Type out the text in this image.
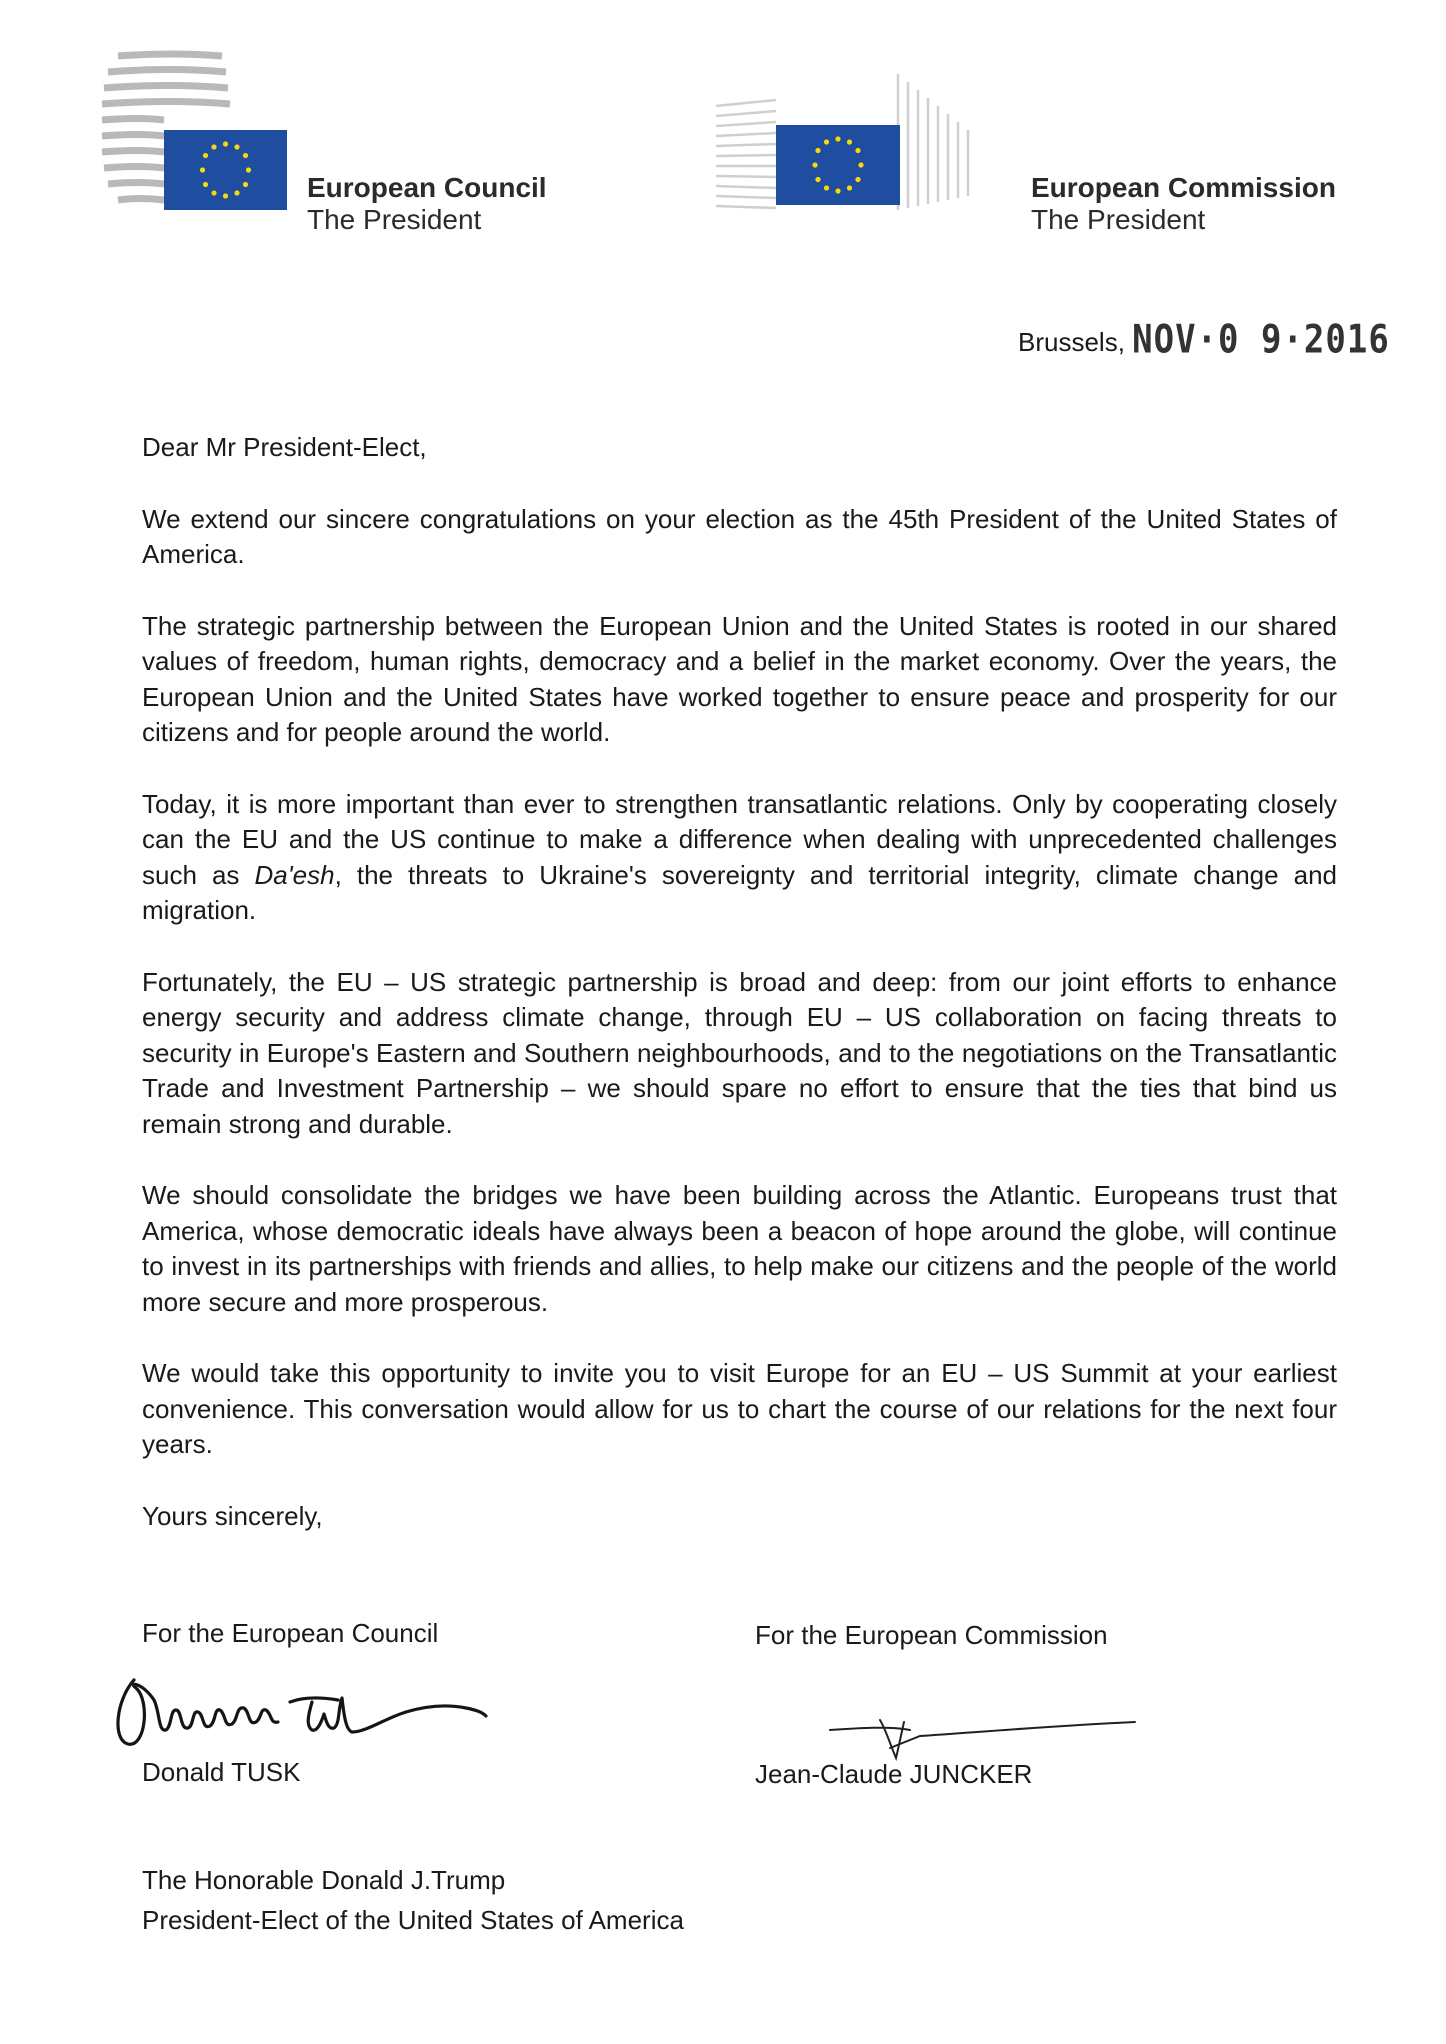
European Council
The President
European Commission
The President
Brussels, NOV·0 9·2016

Dear Mr President-Elect,

We extend our sincere congratulations on your election as the 45th President of the United States of America.

The strategic partnership between the European Union and the United States is rooted in our shared values of freedom, human rights, democracy and a belief in the market economy. Over the years, the European Union and the United States have worked together to ensure peace and prosperity for our citizens and for people around the world.

Today, it is more important than ever to strengthen transatlantic relations. Only by cooperating closely can the EU and the US continue to make a difference when dealing with unprecedented challenges such as Da'esh, the threats to Ukraine's sovereignty and territorial integrity, climate change and migration.

Fortunately, the EU – US strategic partnership is broad and deep: from our joint efforts to enhance energy security and address climate change, through EU – US collaboration on facing threats to security in Europe's Eastern and Southern neighbourhoods, and to the negotiations on the Transatlantic Trade and Investment Partnership – we should spare no effort to ensure that the ties that bind us remain strong and durable.

We should consolidate the bridges we have been building across the Atlantic. Europeans trust that America, whose democratic ideals have always been a beacon of hope around the globe, will continue to invest in its partnerships with friends and allies, to help make our citizens and the people of the world more secure and more prosperous.

We would take this opportunity to invite you to visit Europe for an EU – US Summit at your earliest convenience. This conversation would allow for us to chart the course of our relations for the next four years.

Yours sincerely,

For the European Council	For the European Commission
Donald TUSK	Jean-Claude JUNCKER
The Honorable Donald J.Trump
President-Elect of the United States of America
